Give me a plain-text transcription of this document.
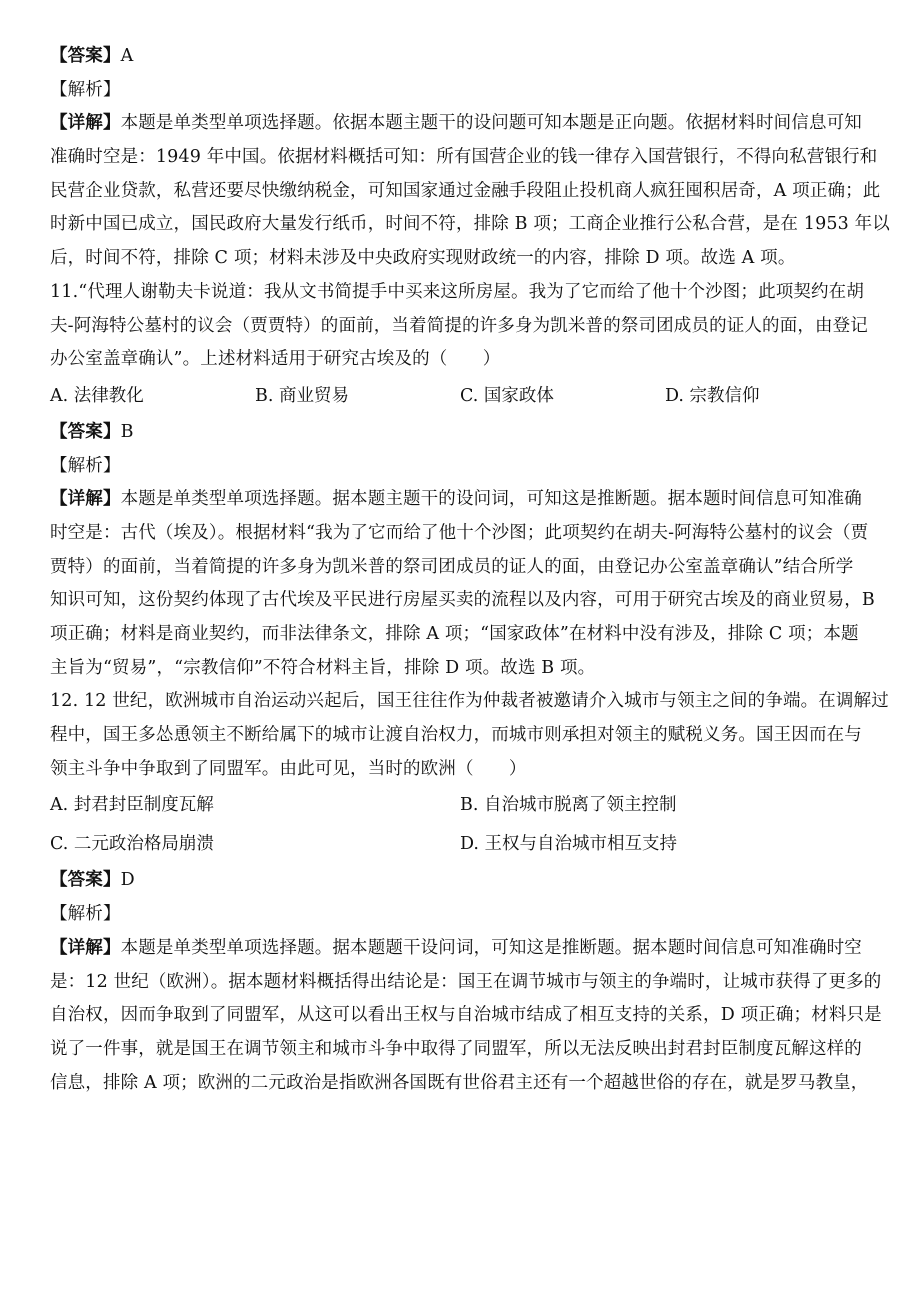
【答案】A
【解析】
【详解】本题是单类型单项选择题。依据本题主题干的设问题可知本题是正向题。依据材料时间信息可知
准确时空是：1949 年中国。依据材料概括可知：所有国营企业的钱一律存入国营银行，不得向私营银行和
民营企业贷款，私营还要尽快缴纳税金，可知国家通过金融手段阻止投机商人疯狂囤积居奇，A 项正确；此
时新中国已成立，国民政府大量发行纸币，时间不符，排除 B 项；工商企业推行公私合营，是在 1953 年以
后，时间不符，排除 C 项；材料未涉及中央政府实现财政统一的内容，排除 D 项。故选 A 项。
11.“代理人谢勒夫卡说道：我从文书简提手中买来这所房屋。我为了它而给了他十个沙图；此项契约在胡
夫-阿海特公墓村的议会（贾贾特）的面前，当着简提的许多身为凯米普的祭司团成员的证人的面，由登记
办公室盖章确认”。上述材料适用于研究古埃及的（　　）
A. 法律教化	B. 商业贸易	C. 国家政体	D. 宗教信仰
【答案】B
【解析】
【详解】本题是单类型单项选择题。据本题主题干的设问词，可知这是推断题。据本题时间信息可知准确
时空是：古代（埃及）。根据材料“我为了它而给了他十个沙图；此项契约在胡夫-阿海特公墓村的议会（贾
贾特）的面前，当着简提的许多身为凯米普的祭司团成员的证人的面，由登记办公室盖章确认”结合所学
知识可知，这份契约体现了古代埃及平民进行房屋买卖的流程以及内容，可用于研究古埃及的商业贸易，B
项正确；材料是商业契约，而非法律条文，排除 A 项；“国家政体”在材料中没有涉及，排除 C 项；本题
主旨为“贸易”，“宗教信仰”不符合材料主旨，排除 D 项。故选 B 项。
12. 12 世纪，欧洲城市自治运动兴起后，国王往往作为仲裁者被邀请介入城市与领主之间的争端。在调解过
程中，国王多怂恿领主不断给属下的城市让渡自治权力，而城市则承担对领主的赋税义务。国王因而在与
领主斗争中争取到了同盟军。由此可见，当时的欧洲（　　）
A. 封君封臣制度瓦解	B. 自治城市脱离了领主控制
C. 二元政治格局崩溃	D. 王权与自治城市相互支持
【答案】D
【解析】
【详解】本题是单类型单项选择题。据本题题干设问词，可知这是推断题。据本题时间信息可知准确时空
是：12 世纪（欧洲）。据本题材料概括得出结论是：国王在调节城市与领主的争端时，让城市获得了更多的
自治权，因而争取到了同盟军，从这可以看出王权与自治城市结成了相互支持的关系，D 项正确；材料只是
说了一件事，就是国王在调节领主和城市斗争中取得了同盟军，所以无法反映出封君封臣制度瓦解这样的
信息，排除 A 项；欧洲的二元政治是指欧洲各国既有世俗君主还有一个超越世俗的存在，就是罗马教皇，
